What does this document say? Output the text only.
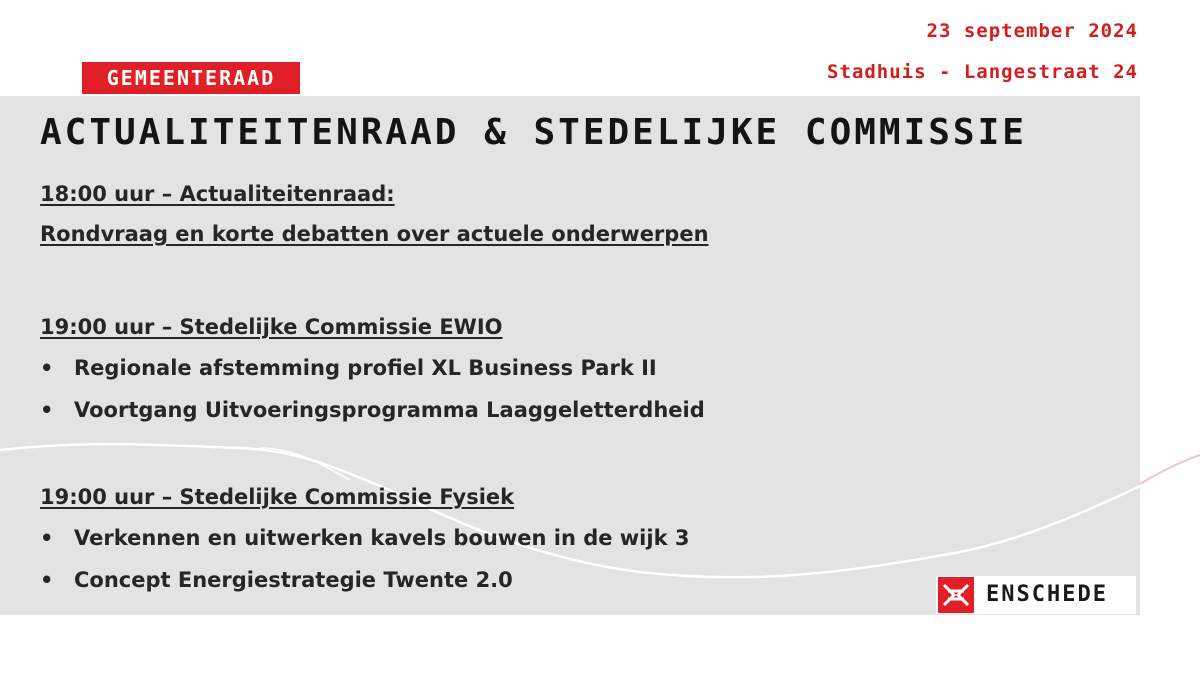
23 september 2024
Stadhuis - Langestraat 24
GEMEENTERAAD
ACTUALITEITENRAAD & STEDELIJKE COMMISSIE
18:00 uur – Actualiteitenraad:
Rondvraag en korte debatten over actuele onderwerpen
19:00 uur – Stedelijke Commissie EWIO
• Regionale afstemming profiel XL Business Park II
• Voortgang Uitvoeringsprogramma Laaggeletterdheid
19:00 uur – Stedelijke Commissie Fysiek
• Verkennen en uitwerken kavels bouwen in de wijk 3
• Concept Energiestrategie Twente 2.0
ENSCHEDE
